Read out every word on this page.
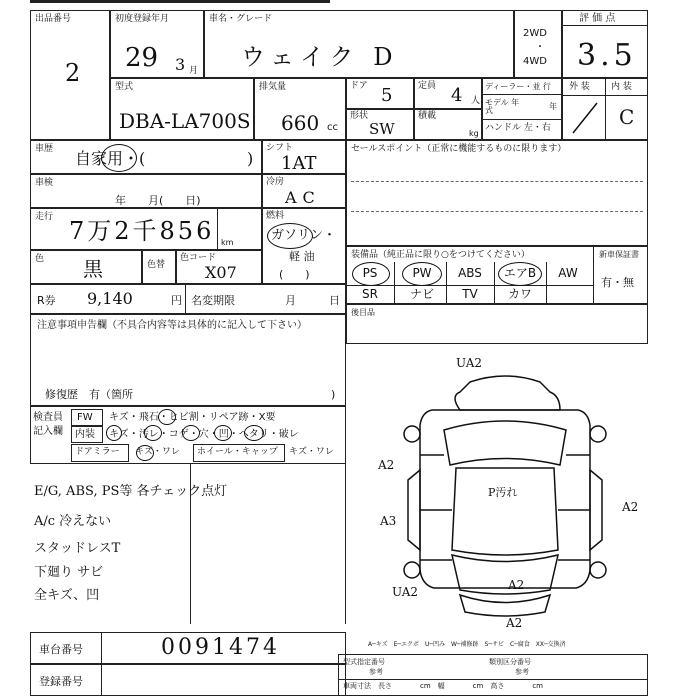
出品番号
2
初度登録年月
29 3 月
車名・グレード
ウェイク D
2WD
・
4WD
評 価 点
3.5
型式
DBA-LA700S
排気量
660 cc
ドア 5	定員 4 人
形状
SW
積載
kg
ディーラー・並 行
モデル 年式	年
ハンドル 左・右
外 装 内 装
C
車歴 自家用・(	)
シフト
1AT
セールスポイント（正常に機能するものに限ります）
車検
年　　月(　　日)
冷房
AC
走行 7万2千856 km
燃料
ガソリン・
軽 油
(　　)
色 黒	色替
色コード
X07
装備品（純正品に限り○をつけてください）	新車保証書
有・無
PS	PW	ABS	エアB	AW
SR	ナビ	TV	カワ
後目品
R券 9,140	円 名変期限	月	日
注意事項申告欄（不具合内容等は具体的に記入して下さい）
修復歴　有（箇所	)
検査員
記入欄
FW キズ・飛石・ヒビ割・リペア跡・X要
内装 キズ・汚レ・コゲ・穴・凹・ヘタリ・破レ
ドアミラー キズ・ワレ ホイール・キャップ キズ・ワレ
E/G, ABS, PS等 各チェック点灯
A/c 冷えない
スタッドレスT
下廻り サビ
全キズ、凹
UA2
A2
A3
P汚れ
A2
UA2	A2
A2
車台番号	0091474
登録番号
A─キズ　E─エクボ　U─凹み　W─補修跡　S─サビ　C─腐食　XX─交換済
型式指定番号
参考
類別区分番号
参考
車両寸法　長さ　　　　cm　幅　　　　cm　高さ　　　　cm
